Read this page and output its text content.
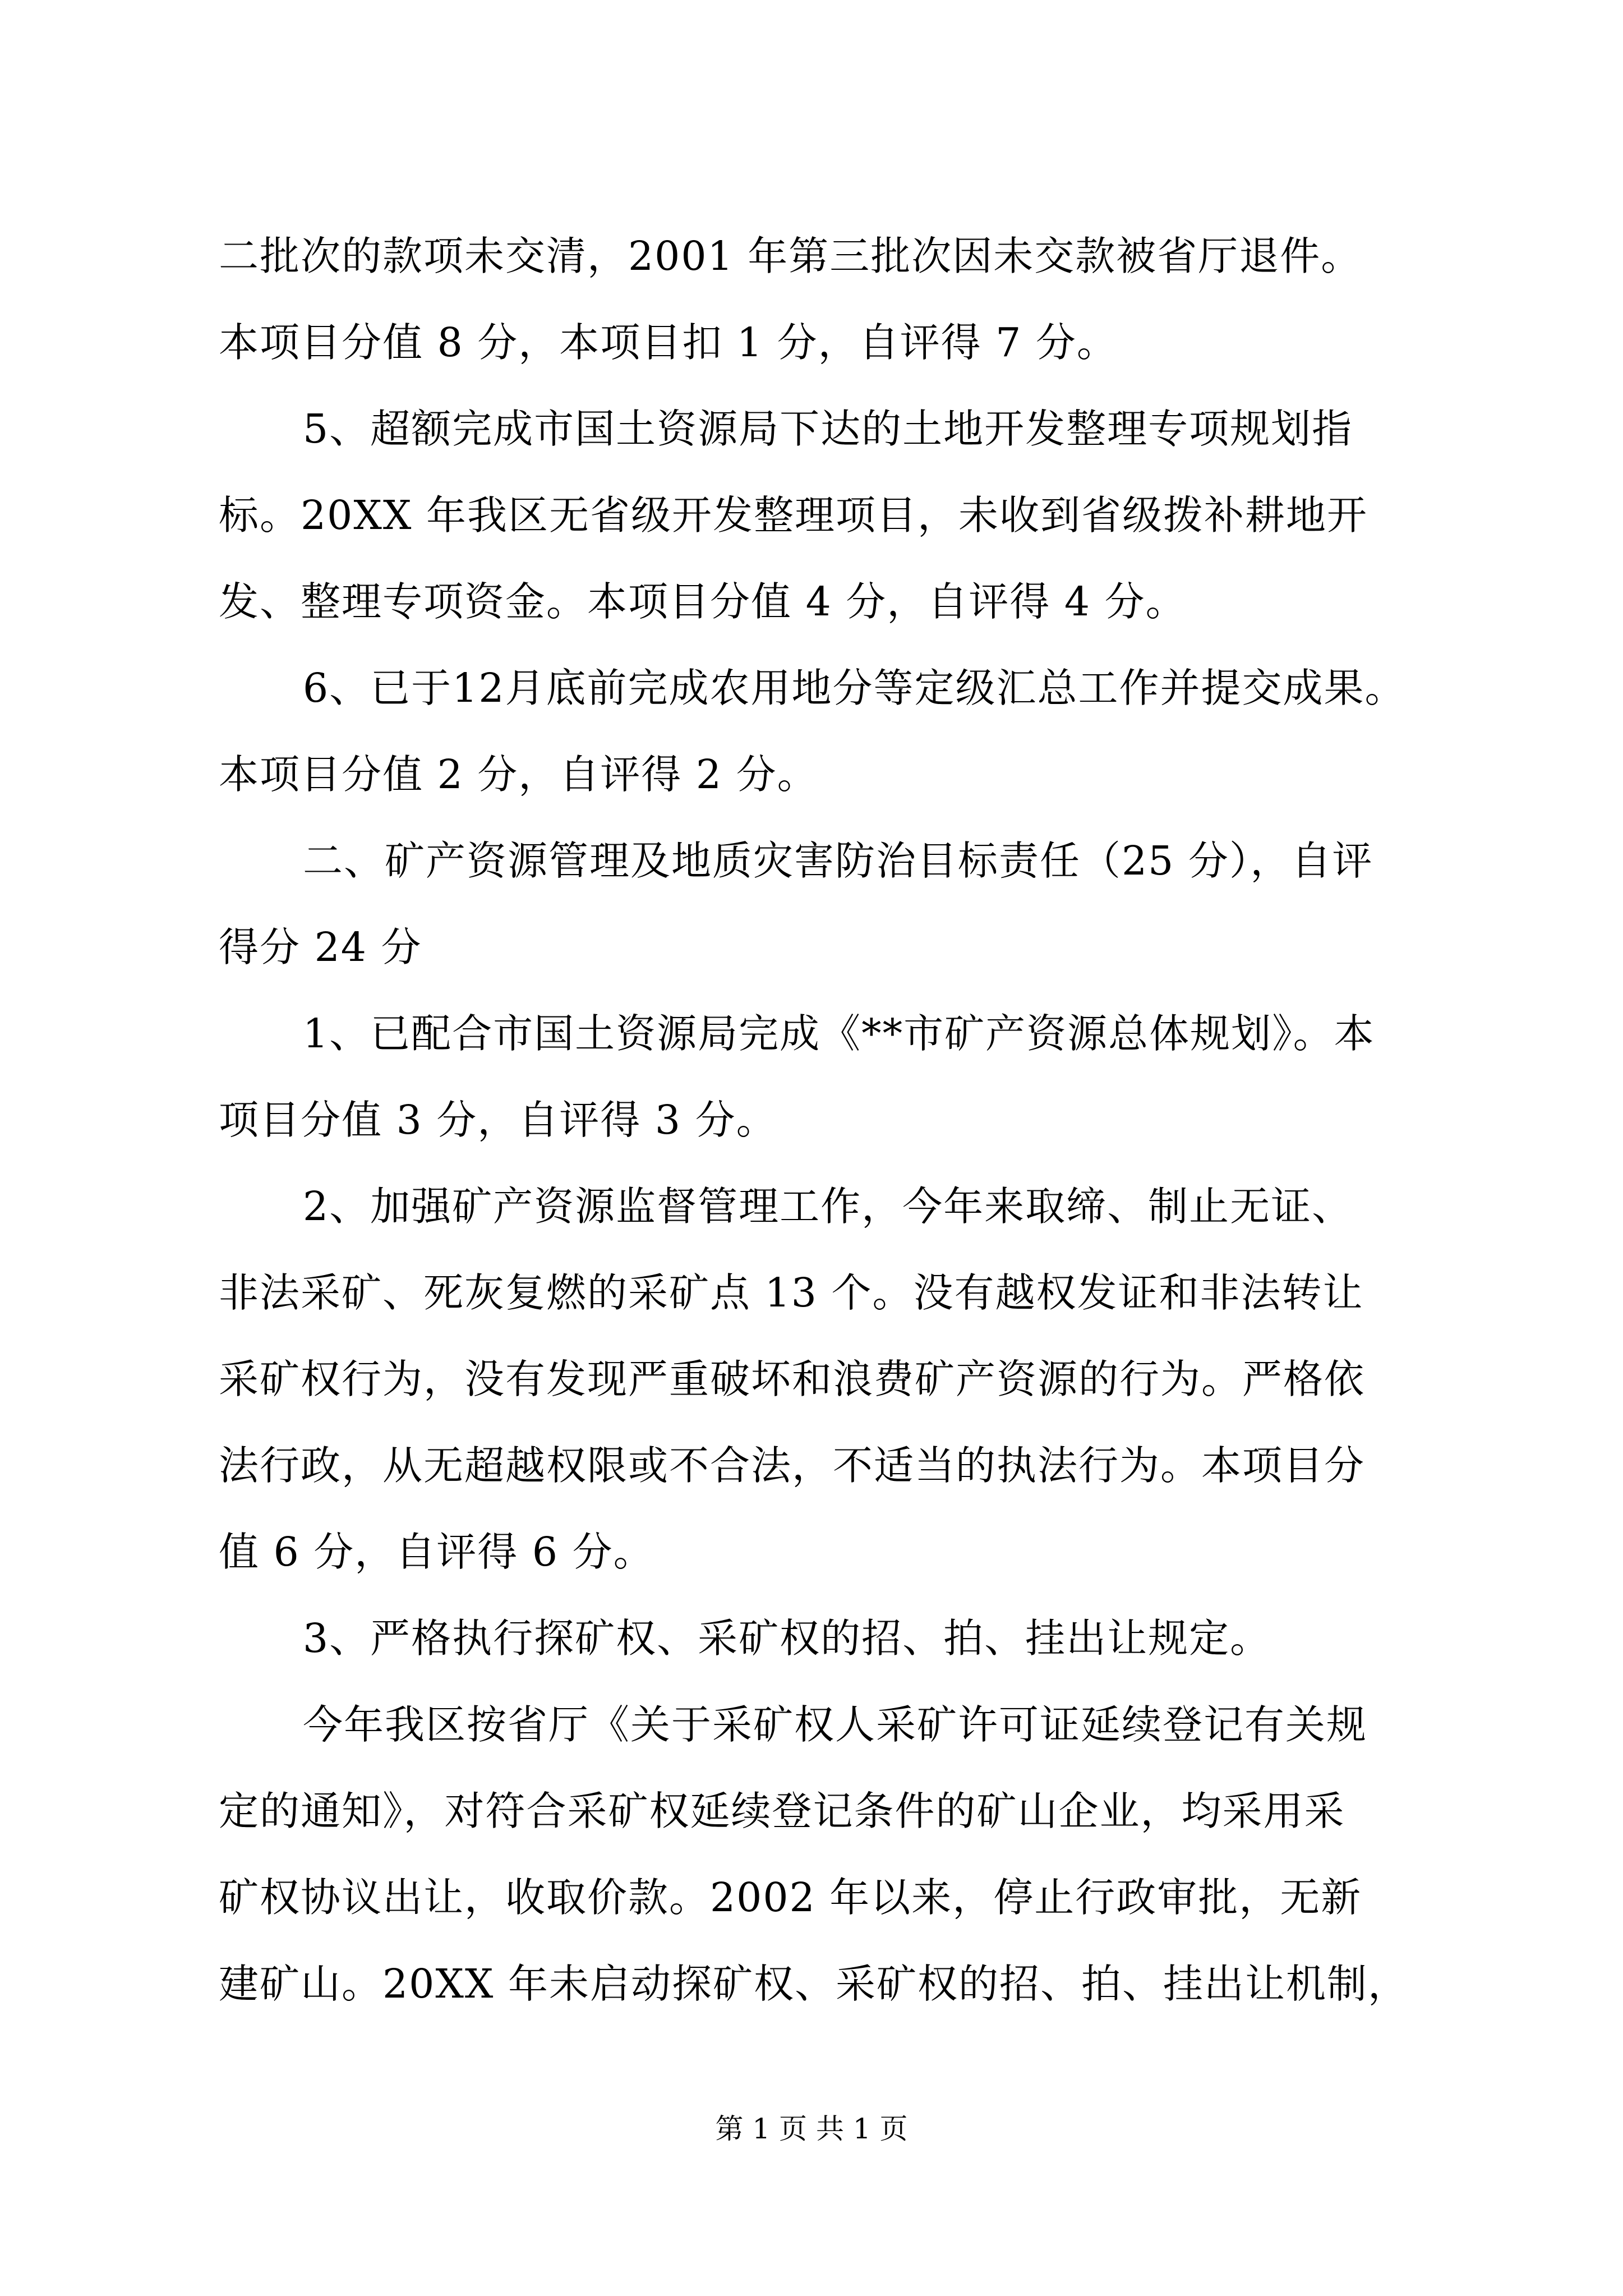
二批次的款项未交清，2001 年第三批次因未交款被省厅退件。
本项目分值 8 分，本项目扣 1 分，自评得 7 分。
5、超额完成市国土资源局下达的土地开发整理专项规划指
标。20XX 年我区无省级开发整理项目，未收到省级拨补耕地开
发、整理专项资金。本项目分值 4 分，自评得 4 分。
6、已于12月底前完成农用地分等定级汇总工作并提交成果。
本项目分值 2 分，自评得 2 分。
二、矿产资源管理及地质灾害防治目标责任（25 分），自评
得分 24 分
1、已配合市国土资源局完成《**市矿产资源总体规划》。本
项目分值 3 分，自评得 3 分。
2、加强矿产资源监督管理工作，今年来取缔、制止无证、
非法采矿、死灰复燃的采矿点 13 个。没有越权发证和非法转让
采矿权行为，没有发现严重破坏和浪费矿产资源的行为。严格依
法行政，从无超越权限或不合法，不适当的执法行为。本项目分
值 6 分，自评得 6 分。
3、严格执行探矿权、采矿权的招、拍、挂出让规定。
今年我区按省厅《关于采矿权人采矿许可证延续登记有关规
定的通知》，对符合采矿权延续登记条件的矿山企业，均采用采
矿权协议出让，收取价款。2002 年以来，停止行政审批，无新
建矿山。20XX 年未启动探矿权、采矿权的招、拍、挂出让机制，
第 1 页 共 1 页
